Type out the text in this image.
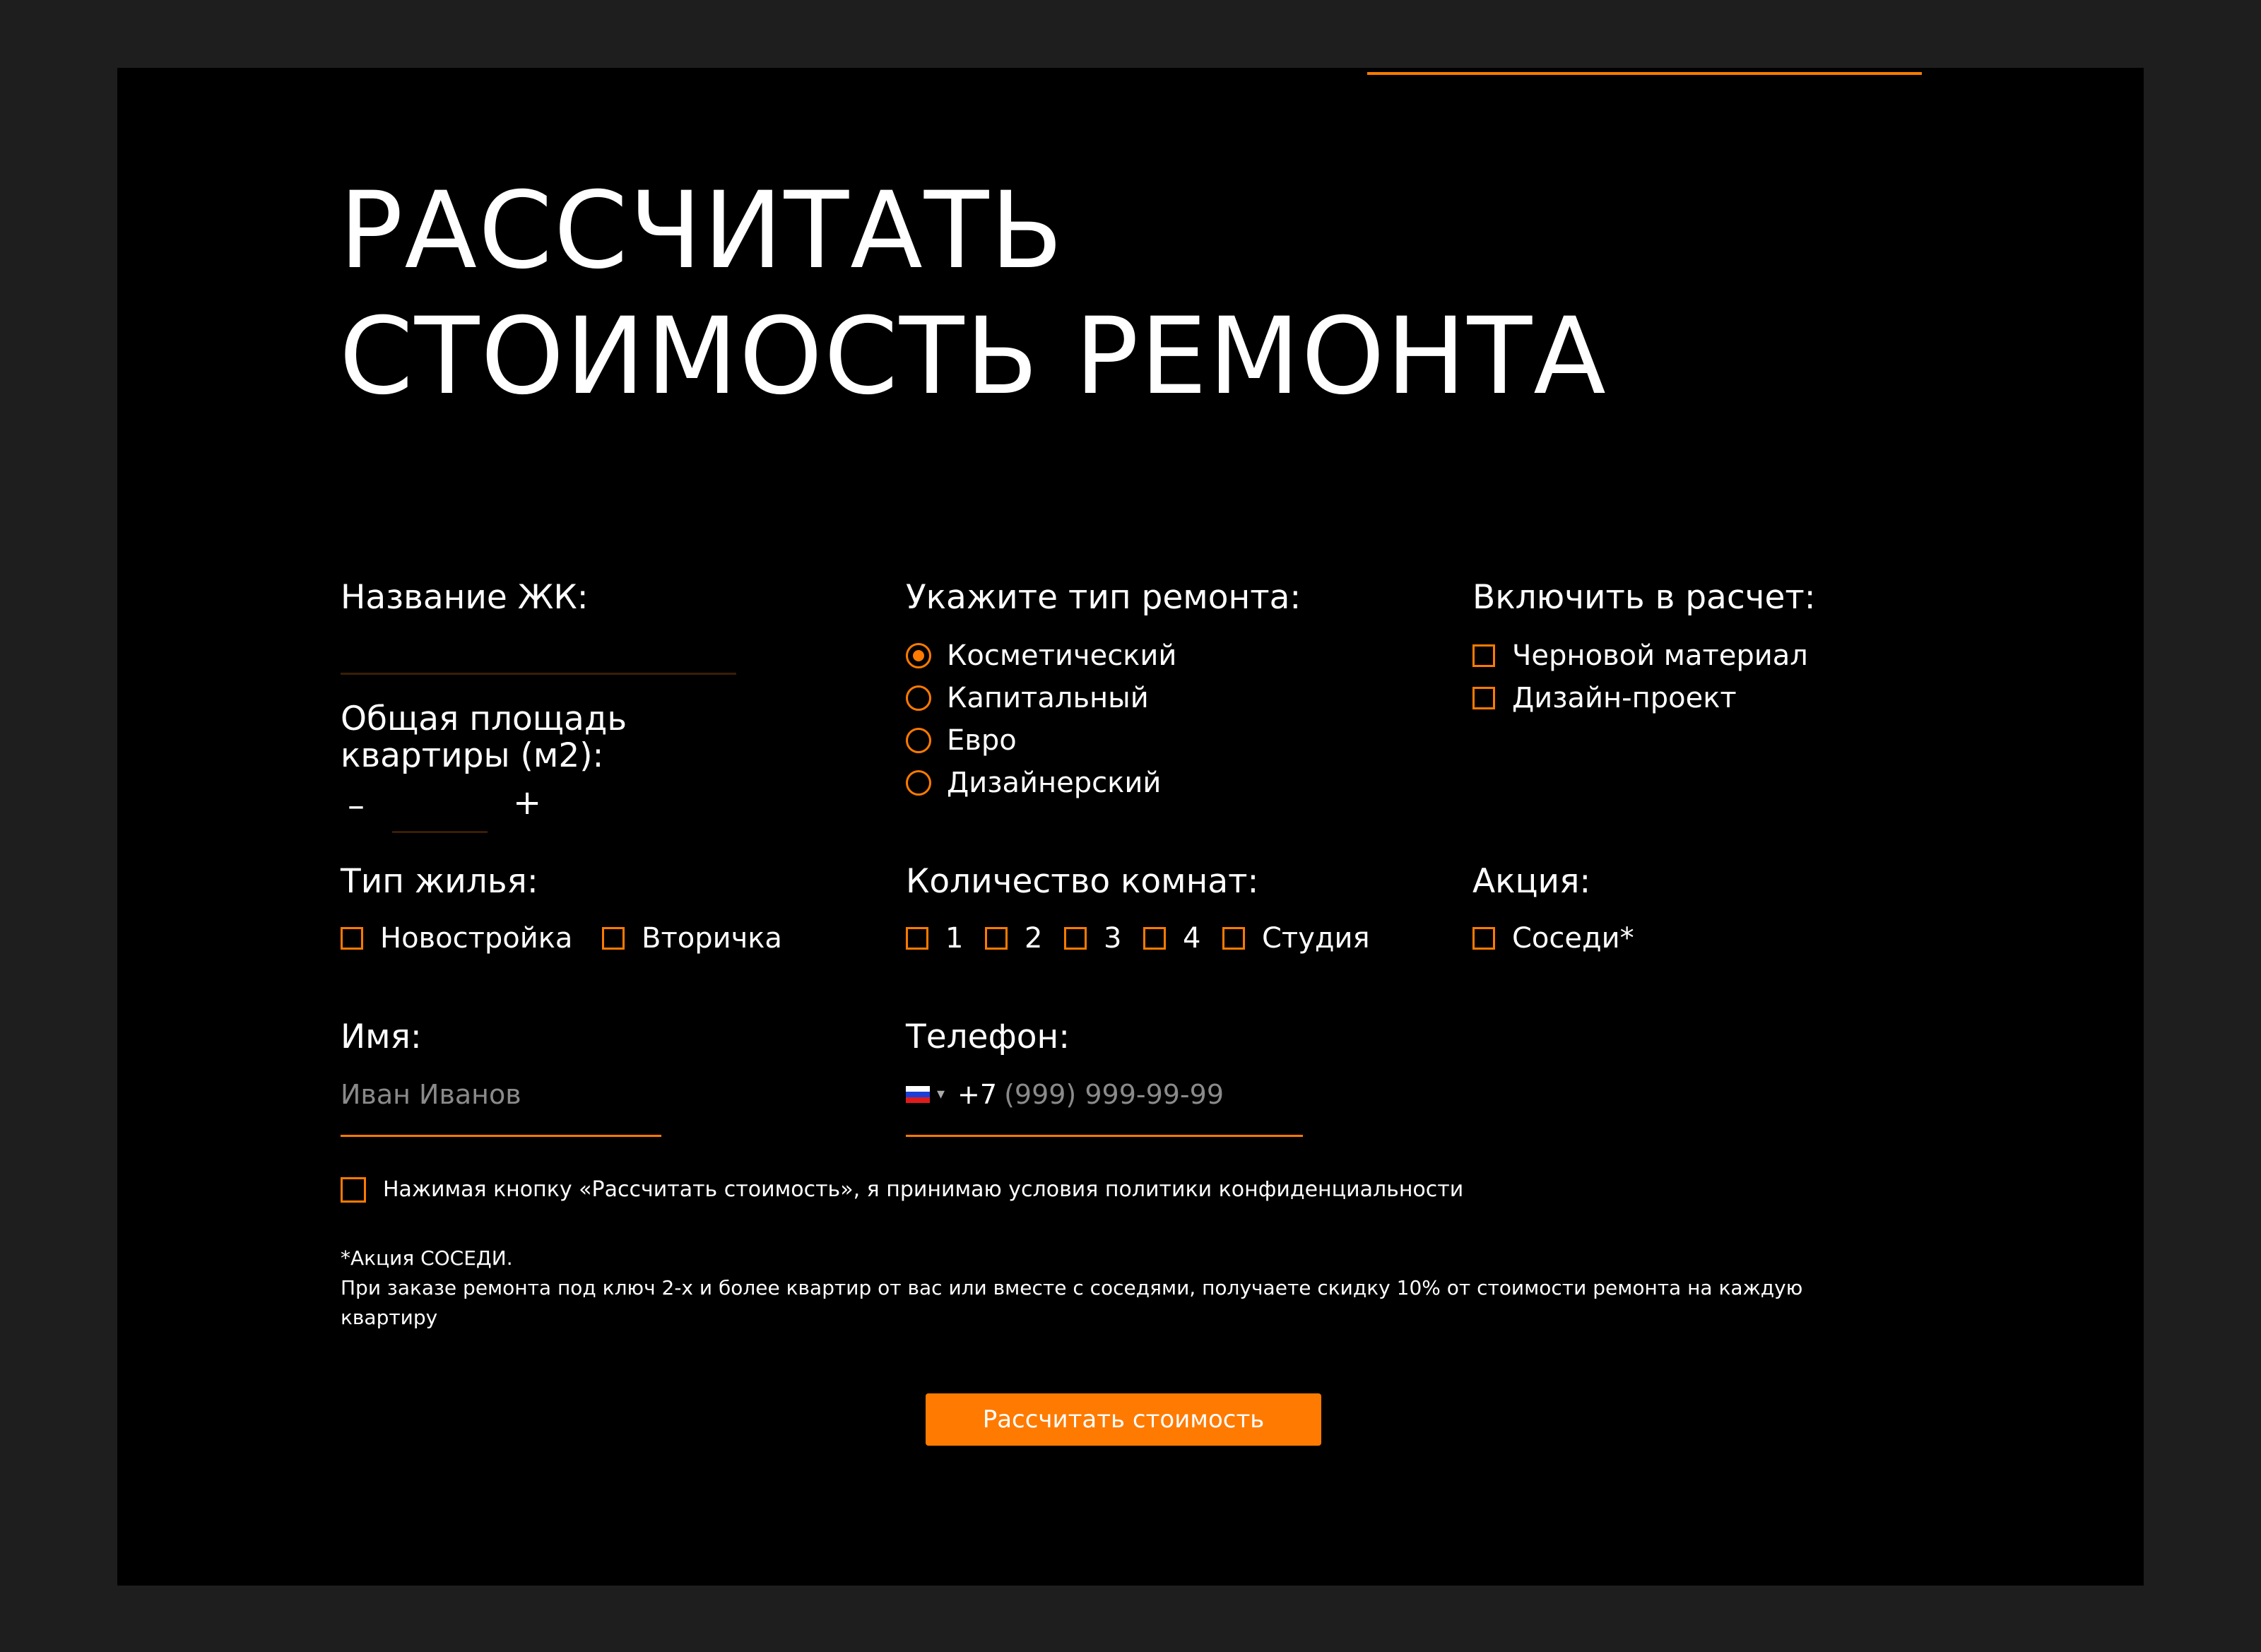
РАССЧИТАТЬ
СТОИМОСТЬ РЕМОНТА
Название ЖК:
Общая площадь
квартиры (м2):
–	+
Укажите тип ремонта:
Косметический
Капитальный
Евро
Дизайнерский
Включить в расчет:
Черновой материал
Дизайн-проект
Тип жилья:
Новостройка Вторичка
Количество комнат:
1 2 3 4 Студия
Акция:
Соседи*
Имя:
Иван Иванов
Телефон:
▾ +7 (999) 999-99-99
Нажимая кнопку «Рассчитать стоимость», я принимаю условия политики конфиденциальности
*Акция СОСЕДИ.
При заказе ремонта под ключ 2-х и более квартир от вас или вместе с соседями, получаете скидку 10% от стоимости ремонта на каждую квартиру
Рассчитать стоимость
